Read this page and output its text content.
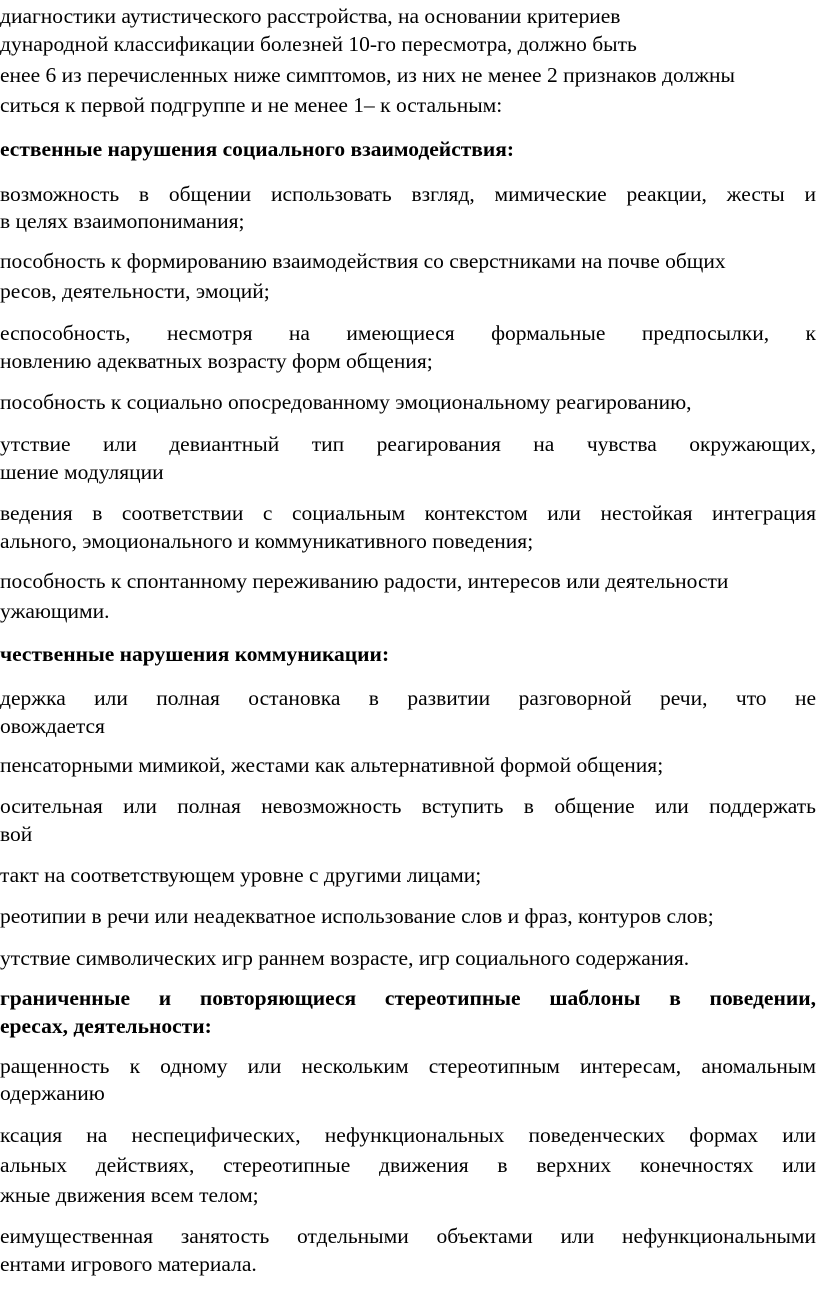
диагностики аутистического расстройства, на основании критериев

дународной классификации болезней 10-го пересмотра, должно быть

енее 6 из перечисленных ниже симптомов, из них не менее 2 признаков должны

ситься к первой подгруппе и не менее 1– к остальным:

ественные нарушения социального взаимодействия:

возможность в общении использовать взгляд, мимические реакции, жесты и

в целях взаимопонимания;

пособность к формированию взаимодействия со сверстниками на почве общих

ресов, деятельности, эмоций;

еспособность, несмотря на имеющиеся формальные предпосылки, к

новлению адекватных возрасту форм общения;

пособность к социально опосредованному эмоциональному реагированию,

утствие или девиантный тип реагирования на чувства окружающих,

шение модуляции

ведения в соответствии с социальным контекстом или нестойкая интеграция

ального, эмоционального и коммуникативного поведения;

пособность к спонтанному переживанию радости, интересов или деятельности

ужающими.

чественные нарушения коммуникации:

держка или полная остановка в развитии разговорной речи, что не

овождается

пенсаторными мимикой, жестами как альтернативной формой общения;

осительная или полная невозможность вступить в общение или поддержать

вой

такт на соответствующем уровне с другими лицами;

реотипии в речи или неадекватное использование слов и фраз, контуров слов;

утствие символических игр раннем возрасте, игр социального содержания.

граниченные и повторяющиеся стереотипные шаблоны в поведении,

ересах, деятельности:

ращенность к одному или нескольким стереотипным интересам, аномальным

одержанию

ксация на неспецифических, нефункциональных поведенческих формах или

альных действиях, стереотипные движения в верхних конечностях или

жные движения всем телом;

еимущественная занятость отдельными объектами или нефункциональными

ентами игрового материала.
